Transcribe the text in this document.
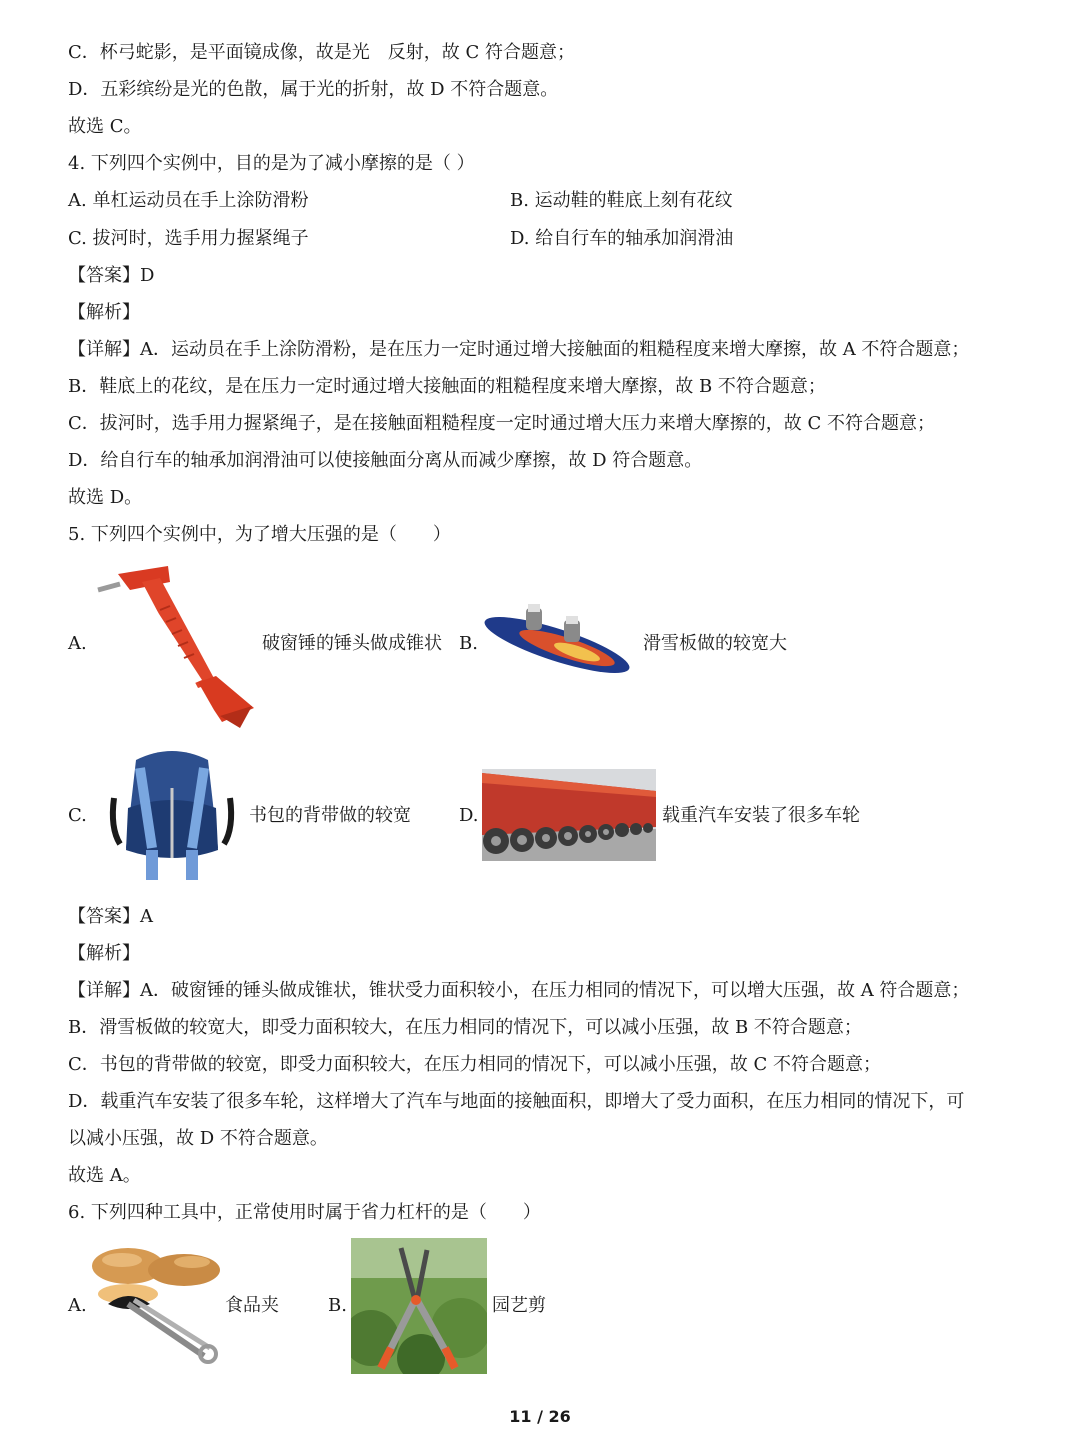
C．杯弓蛇影，是平面镜成像，故是光　反射，故 C 符合题意；
D．五彩缤纷是光的色散，属于光的折射，故 D 不符合题意。
故选 C。
4. 下列四个实例中，目的是为了减小摩擦的是（ ）
A. 单杠运动员在手上涂防滑粉	B. 运动鞋的鞋底上刻有花纹
C. 拔河时，选手用力握紧绳子	D. 给自行车的轴承加润滑油
【答案】D
【解析】
【详解】A．运动员在手上涂防滑粉，是在压力一定时通过增大接触面的粗糙程度来增大摩擦，故 A 不符合题意；
B．鞋底上的花纹，是在压力一定时通过增大接触面的粗糙程度来增大摩擦，故 B 不符合题意；
C．拔河时，选手用力握紧绳子，是在接触面粗糙程度一定时通过增大压力来增大摩擦的，故 C 不符合题意；
D．给自行车的轴承加润滑油可以使接触面分离从而减少摩擦，故 D 符合题意。
故选 D。
5. 下列四个实例中，为了增大压强的是（　　）
A.	破窗锤的锤头做成锥状 B.	滑雪板做的较宽大
C.	书包的背带做的较宽	D.	载重汽车安装了很多车轮
【答案】A
【解析】
【详解】A．破窗锤的锤头做成锥状，锥状受力面积较小，在压力相同的情况下，可以增大压强，故 A 符合题意；
B．滑雪板做的较宽大，即受力面积较大，在压力相同的情况下，可以减小压强，故 B 不符合题意；
C．书包的背带做的较宽，即受力面积较大，在压力相同的情况下，可以减小压强，故 C 不符合题意；
D．载重汽车安装了很多车轮，这样增大了汽车与地面的接触面积，即增大了受力面积，在压力相同的情况下，可
以减小压强，故 D 不符合题意。
故选 A。
6. 下列四种工具中，正常使用时属于省力杠杆的是（　　）
A.	食品夹	B.	园艺剪
11 / 26
